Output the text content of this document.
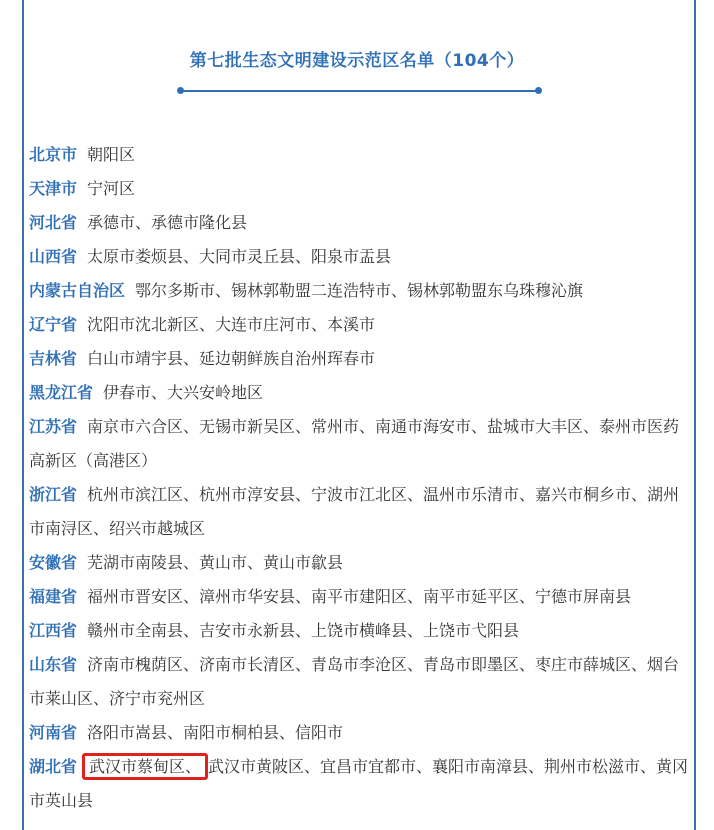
第七批生态文明建设示范区名单（104个）

北京市 朝阳区

天津市 宁河区

河北省 承德市、承德市隆化县

山西省 太原市娄烦县、大同市灵丘县、阳泉市盂县

内蒙古自治区 鄂尔多斯市、锡林郭勒盟二连浩特市、锡林郭勒盟东乌珠穆沁旗

辽宁省 沈阳市沈北新区、大连市庄河市、本溪市

吉林省 白山市靖宇县、延边朝鲜族自治州珲春市

黑龙江省 伊春市、大兴安岭地区

江苏省 南京市六合区、无锡市新吴区、常州市、南通市海安市、盐城市大丰区、泰州市医药高新区（高港区）

浙江省 杭州市滨江区、杭州市淳安县、宁波市江北区、温州市乐清市、嘉兴市桐乡市、湖州市南浔区、绍兴市越城区

安徽省 芜湖市南陵县、黄山市、黄山市歙县

福建省 福州市晋安区、漳州市华安县、南平市建阳区、南平市延平区、宁德市屏南县

江西省 赣州市全南县、吉安市永新县、上饶市横峰县、上饶市弋阳县

山东省 济南市槐荫区、济南市长清区、青岛市李沧区、青岛市即墨区、枣庄市薛城区、烟台市莱山区、济宁市兖州区

河南省 洛阳市嵩县、南阳市桐柏县、信阳市

湖北省 武汉市蔡甸区、 武汉市黄陂区、宜昌市宜都市、襄阳市南漳县、荆州市松滋市、黄冈市英山县
